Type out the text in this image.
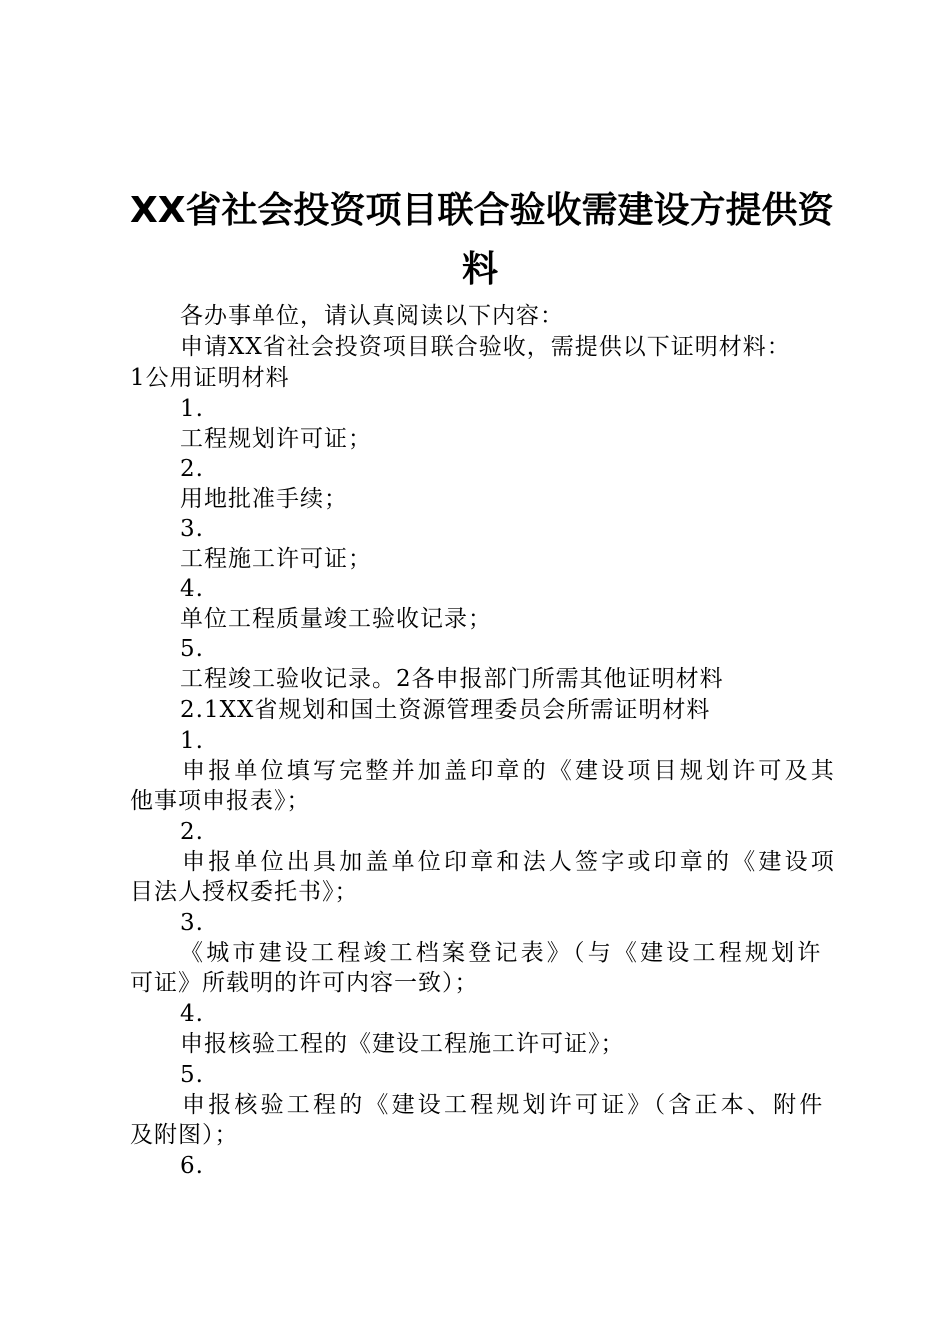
XX省社会投资项目联合验收需建设方提供资
料
各办事单位，请认真阅读以下内容：
申请XX省社会投资项目联合验收，需提供以下证明材料：
1公用证明材料
1.
工程规划许可证；
2.
用地批准手续；
3.
工程施工许可证；
4.
单位工程质量竣工验收记录；
5.
工程竣工验收记录。2各申报部门所需其他证明材料
2.1XX省规划和国土资源管理委员会所需证明材料
1.
申报单位填写完整并加盖印章的《建设项目规划许可及其
他事项申报表》；
2.
申报单位出具加盖单位印章和法人签字或印章的《建设项
目法人授权委托书》；
3.
《城市建设工程竣工档案登记表》（与《建设工程规划许
可证》所载明的许可内容一致）；
4.
申报核验工程的《建设工程施工许可证》；
5.
申报核验工程的《建设工程规划许可证》（含正本、附件
及附图）；
6.
